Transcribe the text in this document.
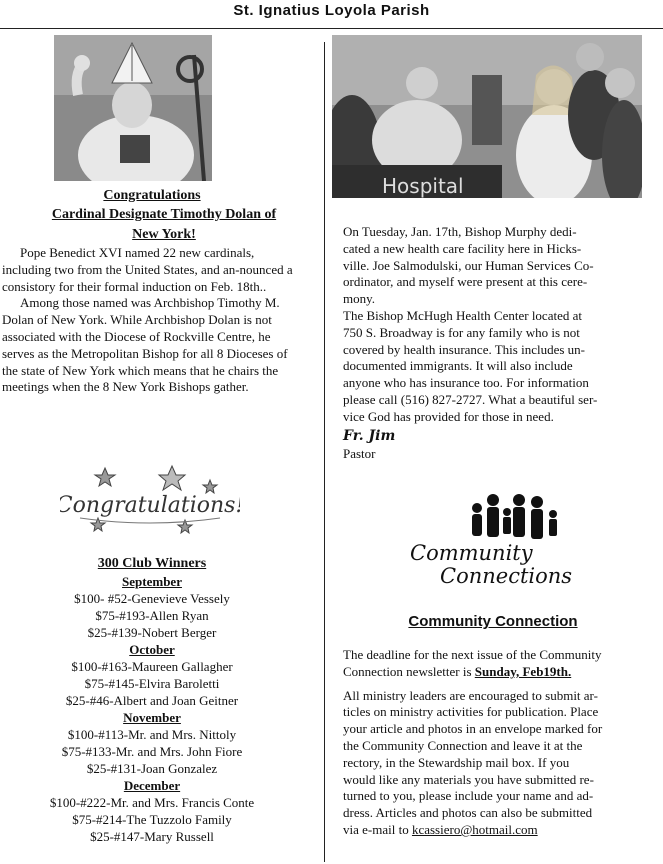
St. Ignatius Loyola Parish
Congratulations
Cardinal Designate Timothy Dolan of
New York!

Pope Benedict XVI named 22 new cardinals, including two from the United States, and an-nounced a consistory for their formal induction on Feb. 18th..

Among those named was Archbishop Timothy M. Dolan of New York. While Archbishop Dolan is not associated with the Diocese of Rockville Centre, he serves as the Metropolitan Bishop for all 8 Dioceses of the state of New York which means that he chairs the meetings when the 8 New York Bishops gather.

Congratulations!
300 Club Winners
September
$100- #52-Genevieve Vessely
$75-#193-Allen Ryan
$25-#139-Nobert Berger
October
$100-#163-Maureen Gallagher
$75-#145-Elvira Baroletti
$25-#46-Albert and Joan Geitner
November
$100-#113-Mr. and Mrs. Nittoly
$75-#133-Mr. and Mrs. John Fiore
$25-#131-Joan Gonzalez
December
$100-#222-Mr. and Mrs. Francis Conte
$75-#214-The Tuzzolo Family
$25-#147-Mary Russell
Hospital
On Tuesday, Jan. 17th, Bishop Murphy dedi-
cated a new health care facility here in Hicks-
ville. Joe Salmodulski, our Human Services Co-
ordinator, and myself were present at this cere-
mony.
The Bishop McHugh Health Center located at
750 S. Broadway is for any family who is not
covered by health insurance. This includes un-
documented immigrants. It will also include
anyone who has insurance too. For information
please call (516) 827-2727. What a beautiful ser-
vice God has provided for those in need.
Fr. Jim
Pastor
Community
Connections
Community Connection

The deadline for the next issue of the Community

Connection newsletter is Sunday, Feb19th.

All ministry leaders are encouraged to submit ar-
ticles on ministry activities for publication. Place
your article and photos in an envelope marked for
the Community Connection and leave it at the
rectory, in the Stewardship mail box. If you
would like any materials you have submitted re-
turned to you, please include your name and ad-
dress. Articles and photos can also be submitted

via e-mail to kcassiero@hotmail.com
